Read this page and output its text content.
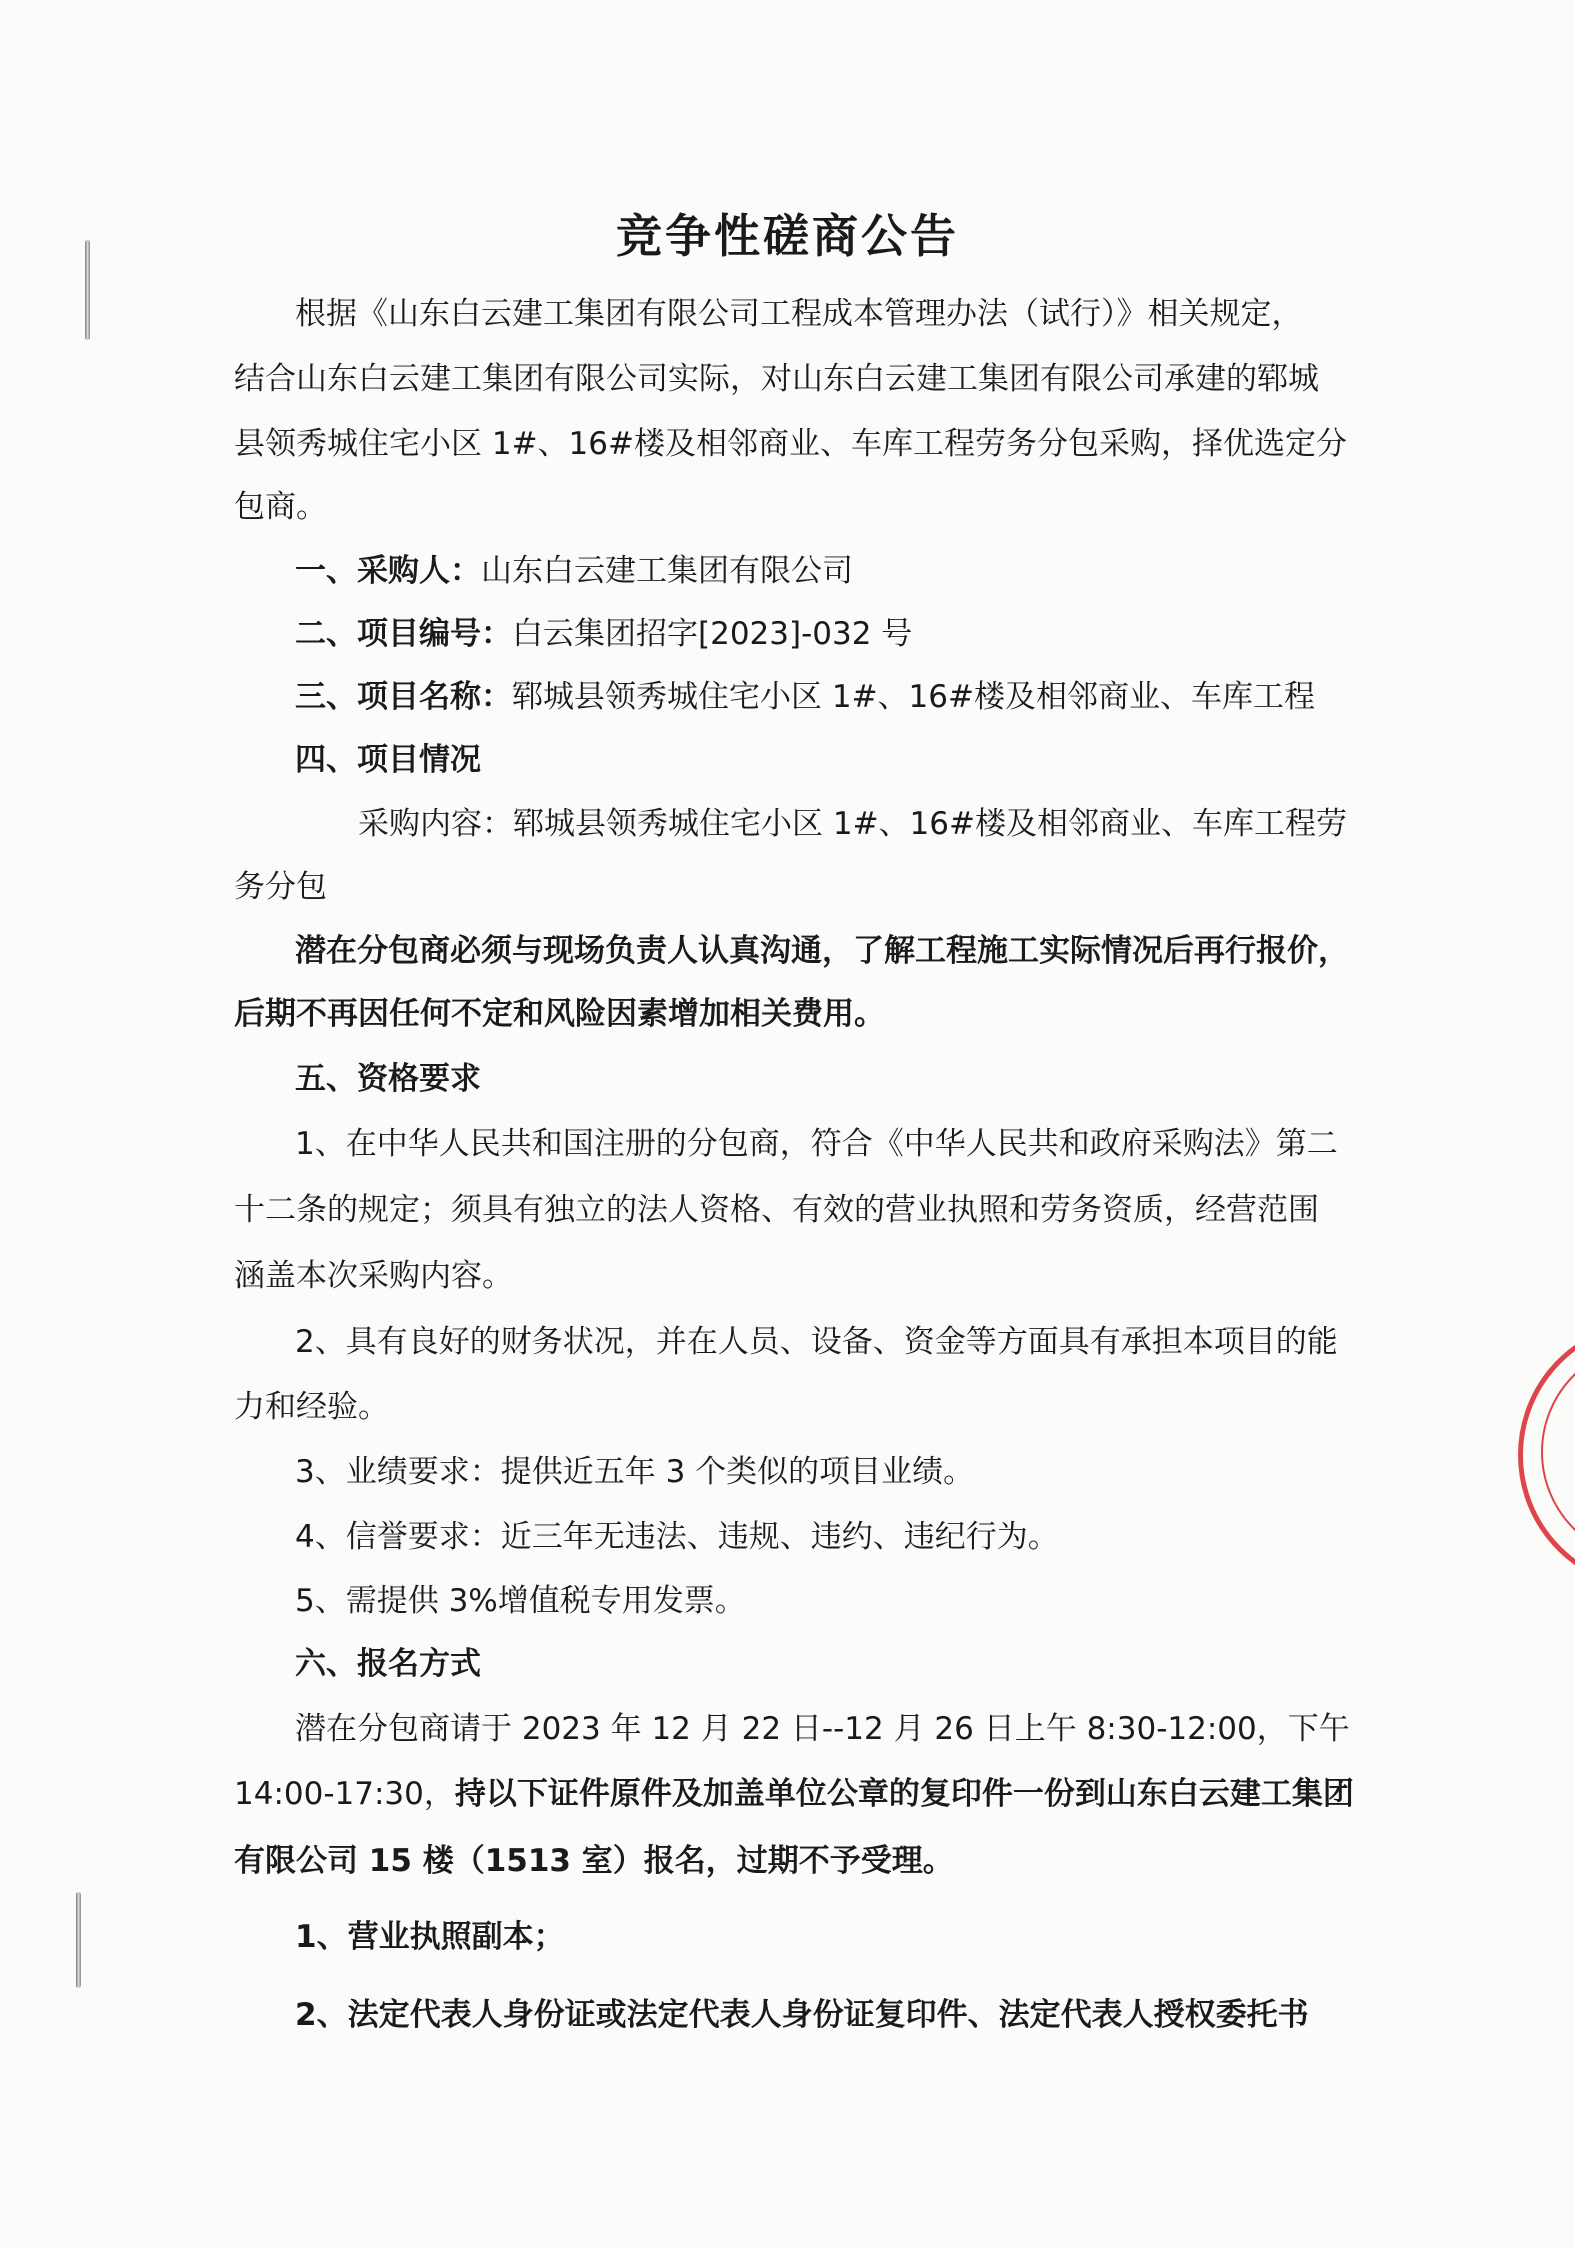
竞争性磋商公告
根据《山东白云建工集团有限公司工程成本管理办法（试行）》相关规定，
结合山东白云建工集团有限公司实际，对山东白云建工集团有限公司承建的郓城
县领秀城住宅小区 1#、16#楼及相邻商业、车库工程劳务分包采购，择优选定分
包商。
一、采购人：山东白云建工集团有限公司
二、项目编号：白云集团招字[2023]-032 号
三、项目名称：郓城县领秀城住宅小区 1#、16#楼及相邻商业、车库工程
四、项目情况
采购内容：郓城县领秀城住宅小区 1#、16#楼及相邻商业、车库工程劳
务分包
潜在分包商必须与现场负责人认真沟通，了解工程施工实际情况后再行报价，
后期不再因任何不定和风险因素增加相关费用。
五、资格要求
1、在中华人民共和国注册的分包商，符合《中华人民共和政府采购法》第二
十二条的规定；须具有独立的法人资格、有效的营业执照和劳务资质，经营范围
涵盖本次采购内容。
2、具有良好的财务状况，并在人员、设备、资金等方面具有承担本项目的能
力和经验。
3、业绩要求：提供近五年 3 个类似的项目业绩。
4、信誉要求：近三年无违法、违规、违约、违纪行为。
5、需提供 3%增值税专用发票。
六、报名方式
潜在分包商请于 2023 年 12 月 22 日--12 月 26 日上午 8:30-12:00，下午
14:00-17:30，持以下证件原件及加盖单位公章的复印件一份到山东白云建工集团
有限公司 15 楼（1513 室）报名，过期不予受理。
1、营业执照副本；
2、法定代表人身份证或法定代表人身份证复印件、法定代表人授权委托书
